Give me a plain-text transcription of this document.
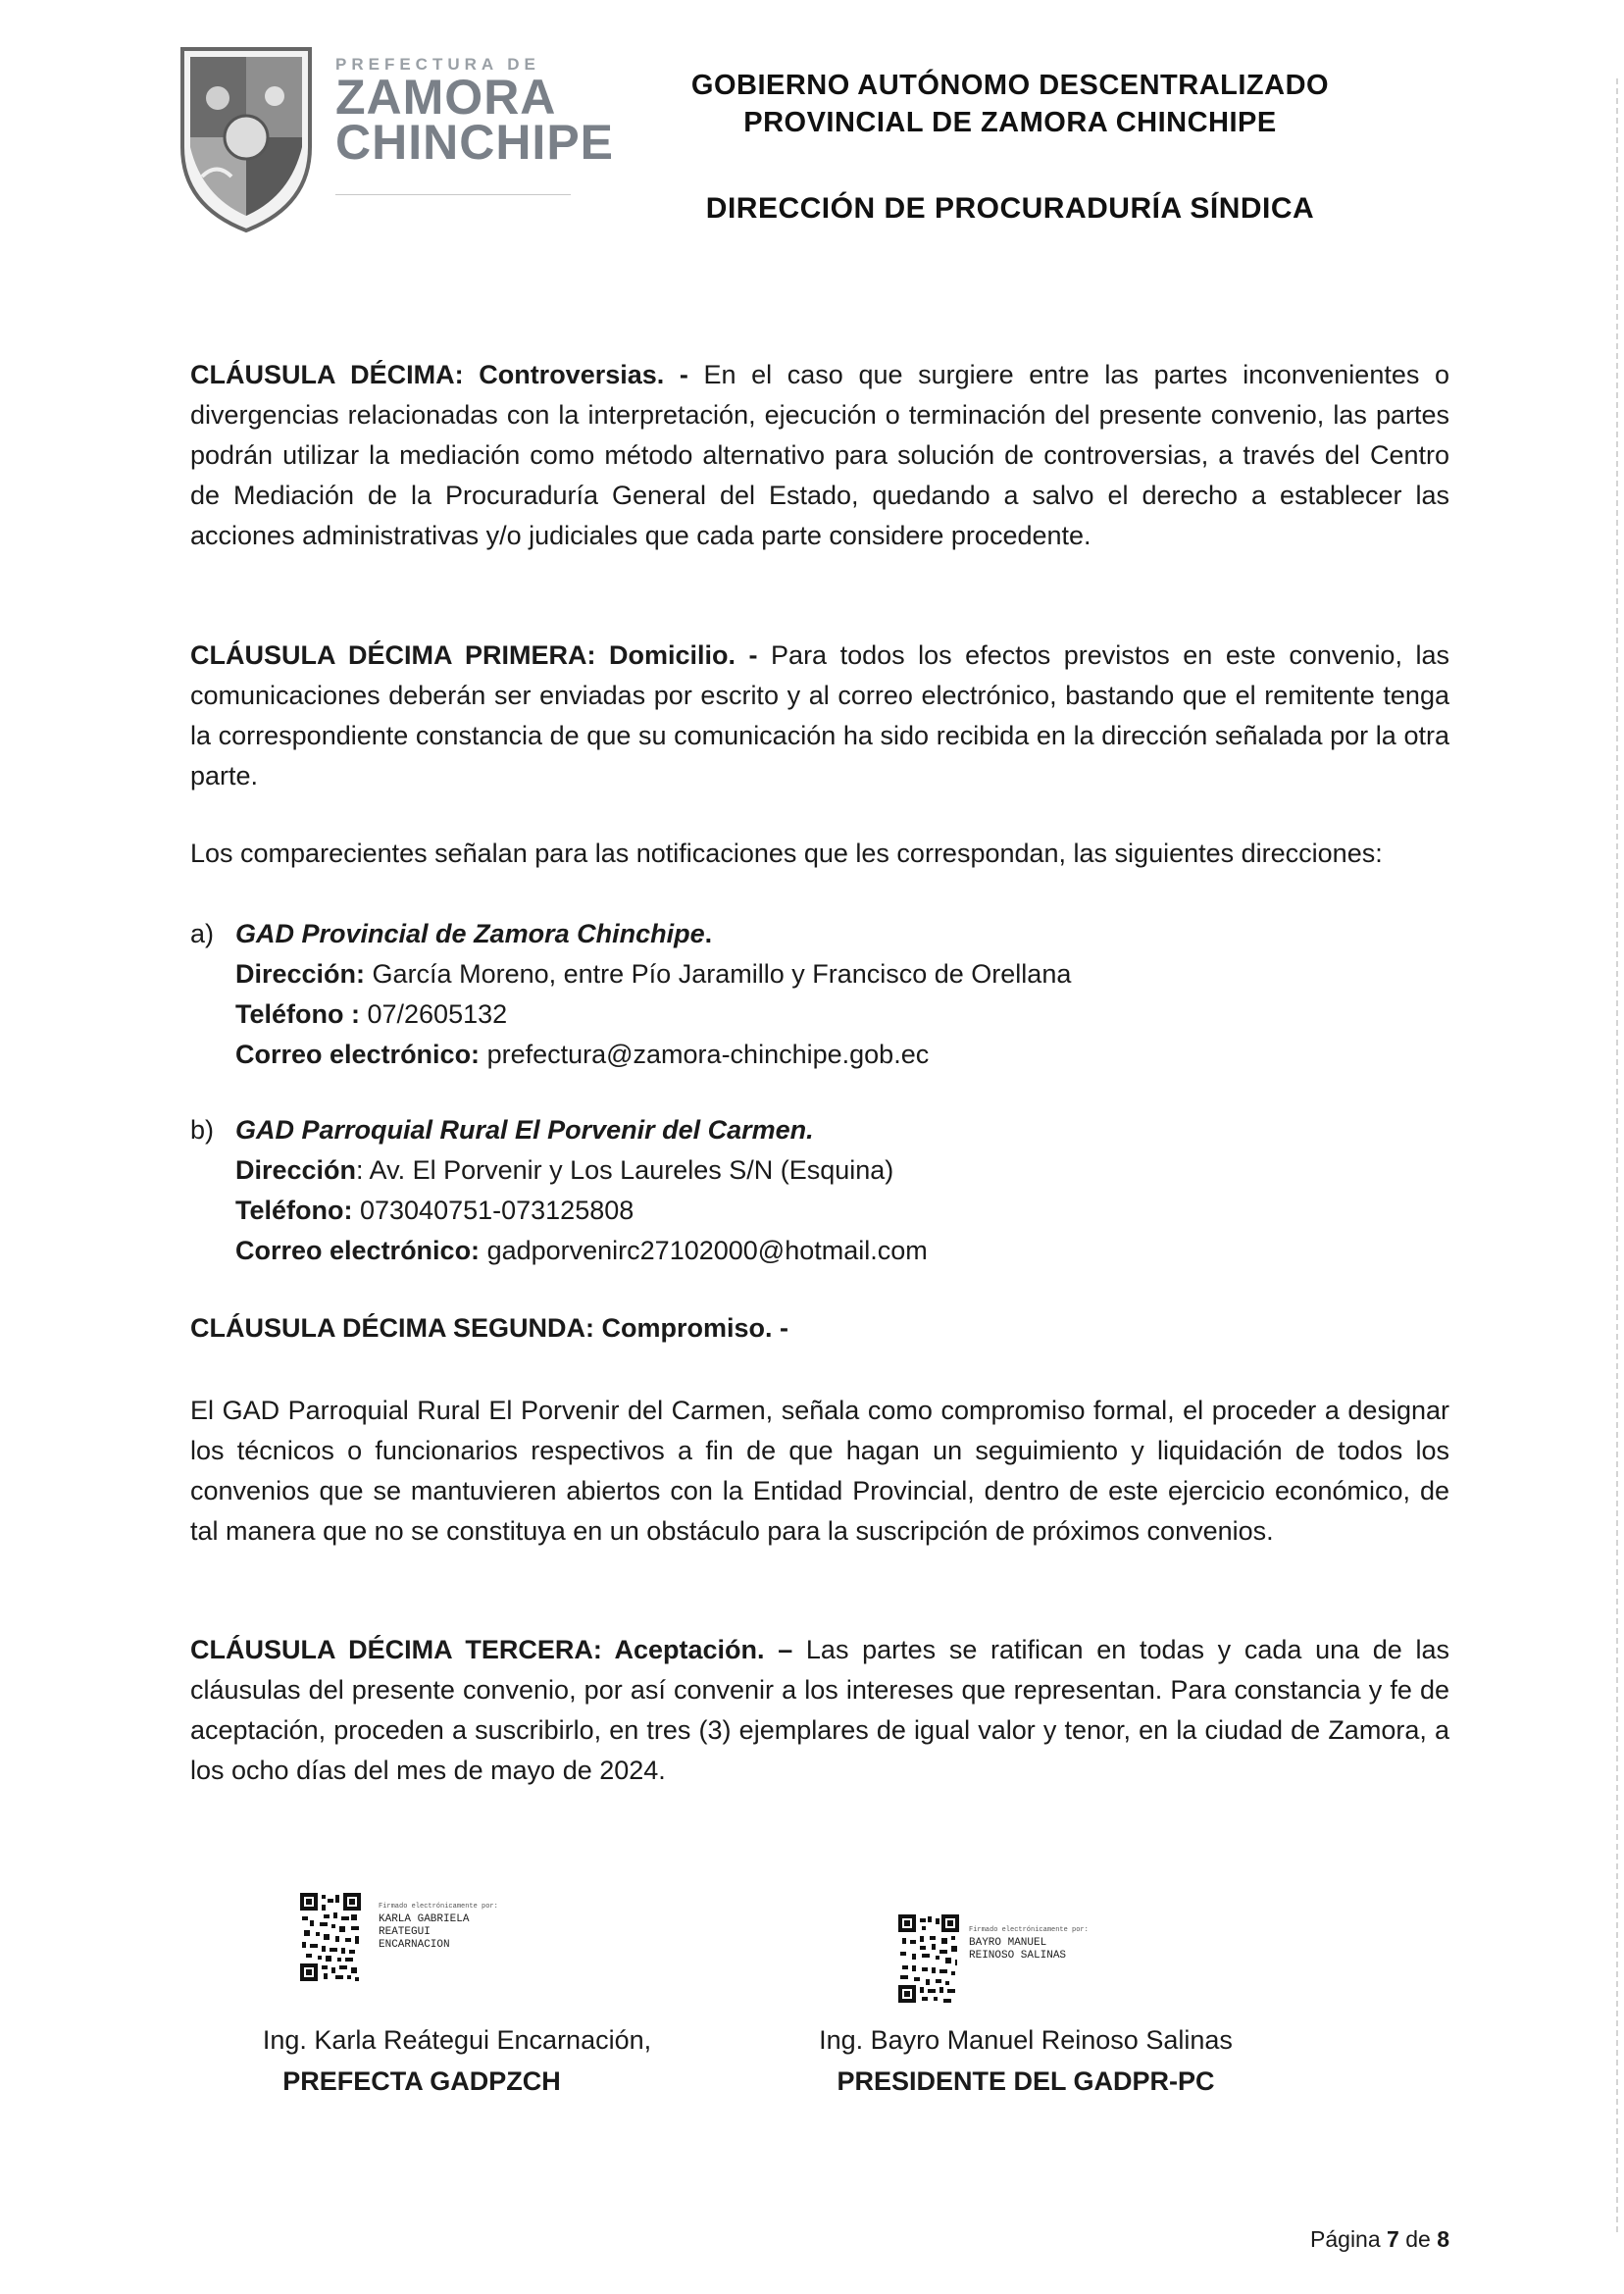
PREFECTURA DE
ZAMORA
CHINCHIPE
GOBIERNO AUTÓNOMO DESCENTRALIZADO
PROVINCIAL DE ZAMORA CHINCHIPE
DIRECCIÓN DE PROCURADURÍA SÍNDICA
CLÁUSULA DÉCIMA: Controversias. - En el caso que surgiere entre las partes inconvenientes o divergencias relacionadas con la interpretación, ejecución o terminación del presente convenio, las partes podrán utilizar la mediación como método alternativo para solución de controversias, a través del Centro de Mediación de la Procuraduría General del Estado, quedando a salvo el derecho a establecer las acciones administrativas y/o judiciales que cada parte considere procedente.
CLÁUSULA DÉCIMA PRIMERA: Domicilio. - Para todos los efectos previstos en este convenio, las comunicaciones deberán ser enviadas por escrito y al correo electrónico, bastando que el remitente tenga la correspondiente constancia de que su comunicación ha sido recibida en la dirección señalada por la otra parte.
Los comparecientes señalan para las notificaciones que les correspondan, las siguientes direcciones:
a) GAD Provincial de Zamora Chinchipe.
Dirección: García Moreno, entre Pío Jaramillo y Francisco de Orellana
Teléfono : 07/2605132
Correo electrónico: prefectura@zamora-chinchipe.gob.ec
b) GAD Parroquial Rural El Porvenir del Carmen.
Dirección: Av. El Porvenir y Los Laureles S/N (Esquina)
Teléfono: 073040751-073125808
Correo electrónico: gadporvenirc27102000@hotmail.com
CLÁUSULA DÉCIMA SEGUNDA: Compromiso. -
El GAD Parroquial Rural El Porvenir del Carmen, señala como compromiso formal, el proceder a designar los técnicos o funcionarios respectivos a fin de que hagan un seguimiento y liquidación de todos los convenios que se mantuvieren abiertos con la Entidad Provincial, dentro de este ejercicio económico, de tal manera que no se constituya en un obstáculo para la suscripción de próximos convenios.
CLÁUSULA DÉCIMA TERCERA: Aceptación. – Las partes se ratifican en todas y cada una de las cláusulas del presente convenio, por así convenir a los intereses que representan. Para constancia y fe de aceptación, proceden a suscribirlo, en tres (3) ejemplares de igual valor y tenor, en la ciudad de Zamora, a los ocho días del mes de mayo de 2024.
Firmado electrónicamente por:
KARLA GABRIELA
REATEGUI
ENCARNACION
Ing. Karla Reátegui Encarnación,
PREFECTA GADPZCH
Firmado electrónicamente por:
BAYRO MANUEL
REINOSO SALINAS
Ing. Bayro Manuel Reinoso Salinas
PRESIDENTE DEL GADPR-PC
Página 7 de 8
